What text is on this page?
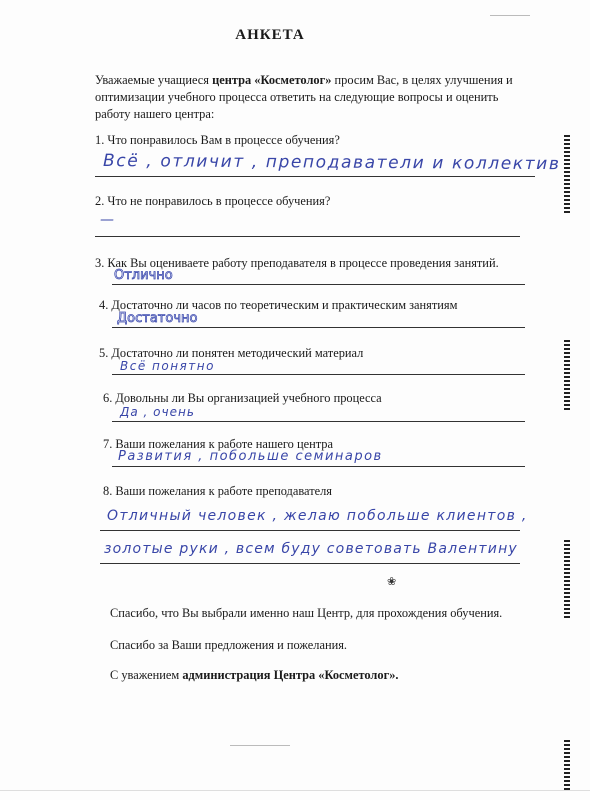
АНКЕТА
Уважаемые учащиеся центра «Косметолог» просим Вас, в целях улучшения и оптимизации учебного процесса ответить на следующие вопросы и оценить работу нашего центра:
1. Что понравилось Вам в процессе обучения?
Всё , отличит , преподаватели и коллектив
2. Что не понравилось в процессе обучения?
—
3. Как Вы оцениваете работу преподавателя в процессе проведения занятий.
Отлично
4. Достаточно ли часов по теоретическим и практическим занятиям
Достаточно
5. Достаточно ли понятен методический материал
Всё понятно
6. Довольны ли Вы организацией учебного процесса
Да , очень
7. Ваши пожелания к работе нашего центра
Развития , побольше семинаров
8. Ваши пожелания к работе преподавателя
Отличный человек , желаю побольше клиентов ,
золотые руки , всем буду советовать Валентину
❀
Спасибо, что Вы выбрали именно наш Центр, для прохождения обучения.
Спасибо за Ваши предложения и пожелания.
С уважением администрация Центра «Косметолог».
